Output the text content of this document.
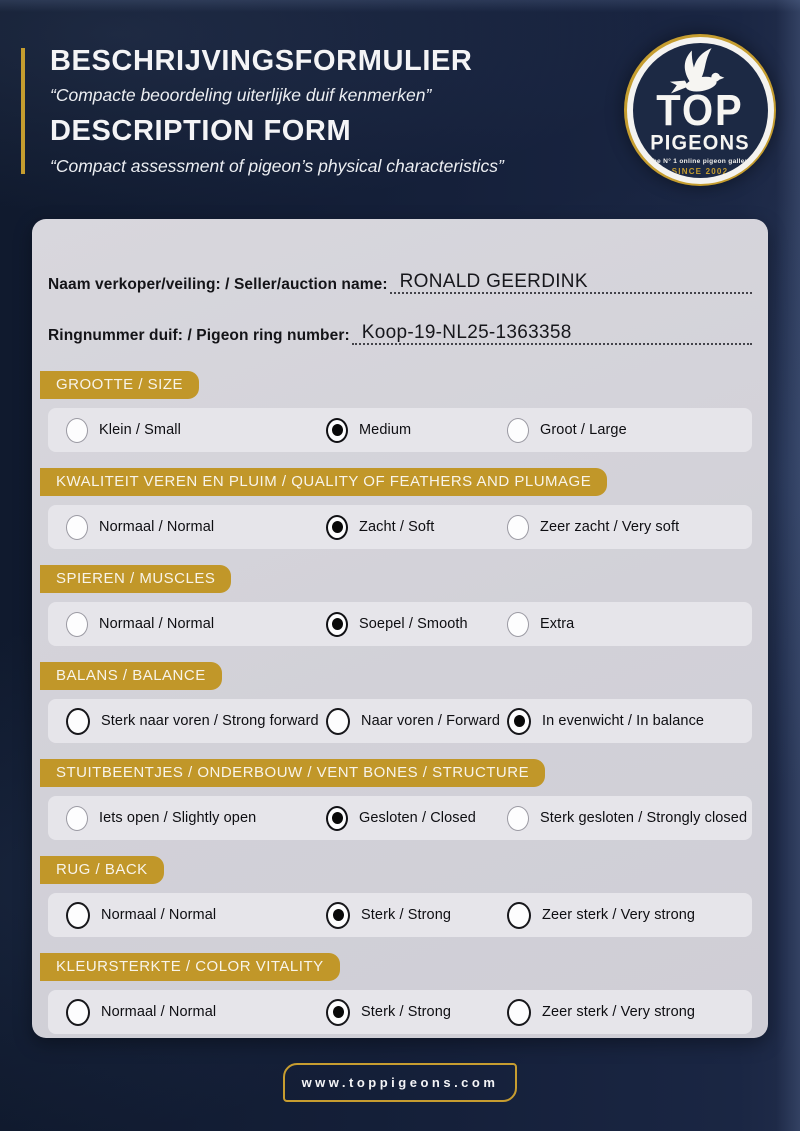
BESCHRIJVINGSFORMULIER

“Compacte beoordeling uiterlijke duif kenmerken”

DESCRIPTION FORM

“Compact assessment of pigeon’s physical characteristics”

TOP
PIGEONS
The N° 1 online pigeon gallery
SINCE 2002
Naam verkoper/veiling: / Seller/auction name: RONALD GEERDINK
Ringnummer duif: / Pigeon ring number: Koop-19-NL25-1363358
GROOTTE / SIZE
Klein / Small	Medium	Groot / Large
KWALITEIT VEREN EN PLUIM / QUALITY OF FEATHERS AND PLUMAGE
Normaal / Normal	Zacht / Soft	Zeer zacht / Very soft
SPIEREN / MUSCLES
Normaal / Normal	Soepel / Smooth	Extra
BALANS / BALANCE
Sterk naar voren / Strong forward	Naar voren / Forward	In evenwicht / In balance
STUITBEENTJES / ONDERBOUW / VENT BONES / STRUCTURE
Iets open / Slightly open	Gesloten / Closed	Sterk gesloten / Strongly closed
RUG / BACK
Normaal / Normal	Sterk / Strong	Zeer sterk / Very strong
KLEURSTERKTE / COLOR VITALITY
Normaal / Normal	Sterk / Strong	Zeer sterk / Very strong
www.toppigeons.com
